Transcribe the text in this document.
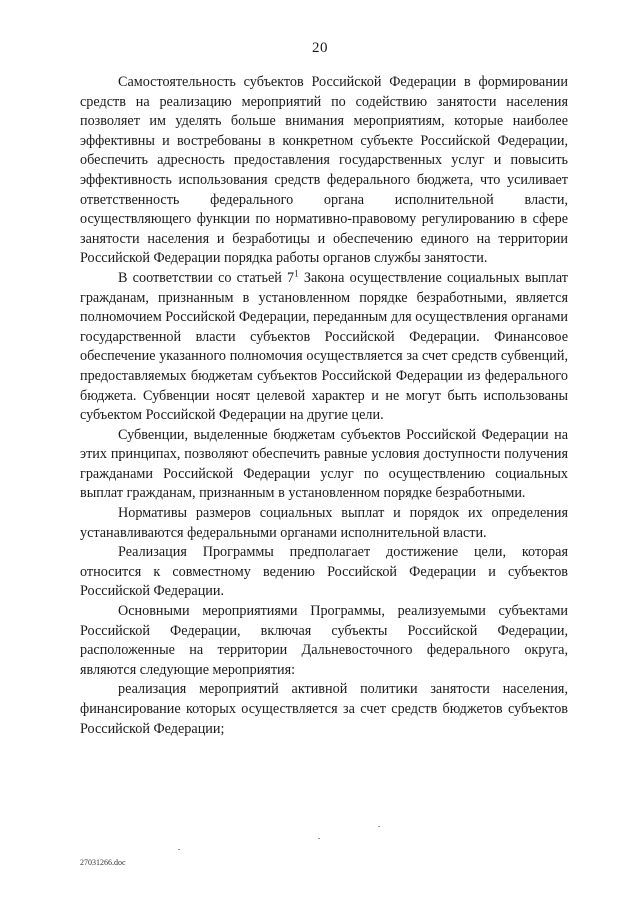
20

Самостоятельность субъектов Российской Федерации в формировании средств на реализацию мероприятий по содействию занятости населения позволяет им уделять больше внимания мероприятиям, которые наиболее эффективны и востребованы в конкретном субъекте Российской Федерации, обеспечить адресность предоставления государственных услуг и повысить эффективность использования средств федерального бюджета, что усиливает ответственность федерального органа исполнительной власти, осуществляющего функции по нормативно-правовому регулированию в сфере занятости населения и безработицы и обеспечению единого на территории Российской Федерации порядка работы органов службы занятости.

В соответствии со статьей $7^1$ Закона осуществление социальных выплат гражданам, признанным в установленном порядке безработными, является полномочием Российской Федерации, переданным для осуществления органами государственной власти субъектов Российской Федерации. Финансовое обеспечение указанного полномочия осуществляется за счет средств субвенций, предоставляемых бюджетам субъектов Российской Федерации из федерального бюджета. Субвенции носят целевой характер и не могут быть использованы субъектом Российской Федерации на другие цели.

Субвенции, выделенные бюджетам субъектов Российской Федерации на этих принципах, позволяют обеспечить равные условия доступности получения гражданами Российской Федерации услуг по осуществлению социальных выплат гражданам, признанным в установленном порядке безработными.

Нормативы размеров социальных выплат и порядок их определения устанавливаются федеральными органами исполнительной власти.

Реализация Программы предполагает достижение цели, которая относится к совместному ведению Российской Федерации и субъектов Российской Федерации.

Основными мероприятиями Программы, реализуемыми субъектами Российской Федерации, включая субъекты Российской Федерации, расположенные на территории Дальневосточного федерального округа, являются следующие мероприятия:

реализация мероприятий активной политики занятости населения, финансирование которых осуществляется за счет средств бюджетов субъектов Российской Федерации;

27031266.doc
